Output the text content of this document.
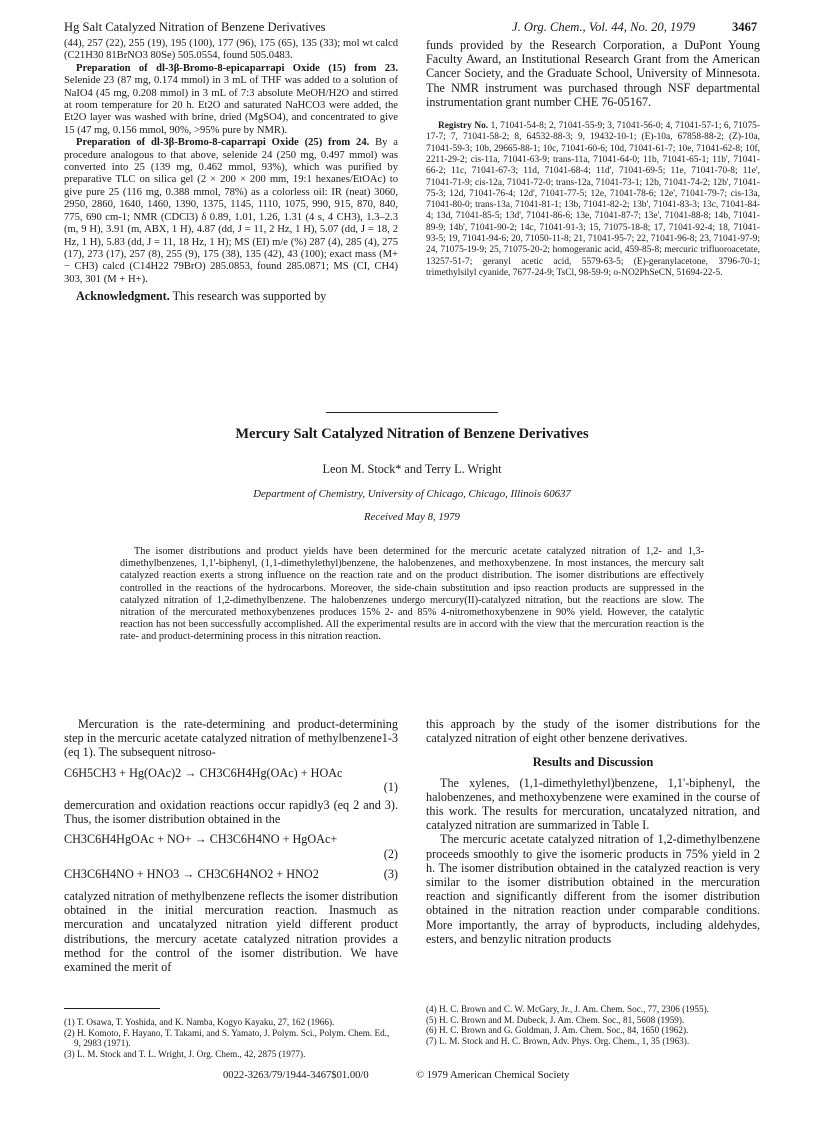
Hg Salt Catalyzed Nitration of Benzene Derivatives	J. Org. Chem., Vol. 44, No. 20, 1979	3467

(44), 257 (22), 255 (19), 195 (100), 177 (96), 175 (65), 135 (33); mol wt calcd (C21H30 81BrNO3 80Se) 505.0554, found 505.0483.

Preparation of dl-3β-Bromo-8-epicaparrapi Oxide (15) from 23. Selenide 23 (87 mg, 0.174 mmol) in 3 mL of THF was added to a solution of NaIO4 (45 mg, 0.208 mmol) in 3 mL of 7:3 absolute MeOH/H2O and stirred at room temperature for 20 h. Et2O and saturated NaHCO3 were added, the Et2O layer was washed with brine, dried (MgSO4), and concentrated to give 15 (47 mg, 0.156 mmol, 90%, >95% pure by NMR).

Preparation of dl-3β-Bromo-8-caparrapi Oxide (25) from 24. By a procedure analogous to that above, selenide 24 (250 mg, 0.497 mmol) was converted into 25 (139 mg, 0.462 mmol, 93%), which was purified by preparative TLC on silica gel (2 × 200 × 200 mm, 19:1 hexanes/EtOAc) to give pure 25 (116 mg, 0.388 mmol, 78%) as a colorless oil: IR (neat) 3060, 2950, 2860, 1640, 1460, 1390, 1375, 1145, 1110, 1075, 990, 915, 870, 840, 775, 690 cm-1; NMR (CDCl3) δ 0.89, 1.01, 1.26, 1.31 (4 s, 4 CH3), 1.3–2.3 (m, 9 H), 3.91 (m, ABX, 1 H), 4.87 (dd, J = 11, 2 Hz, 1 H), 5.07 (dd, J = 18, 2 Hz, 1 H), 5.83 (dd, J = 11, 18 Hz, 1 H); MS (EI) m/e (%) 287 (4), 285 (4), 275 (17), 273 (17), 257 (8), 255 (9), 175 (38), 135 (42), 43 (100); exact mass (M+ − CH3) calcd (C14H22 79BrO) 285.0853, found 285.0871; MS (CI, CH4) 303, 301 (M + H+).

Acknowledgment. This research was supported by

funds provided by the Research Corporation, a DuPont Young Faculty Award, an Institutional Research Grant from the American Cancer Society, and the Graduate School, University of Minnesota. The NMR instrument was purchased through NSF departmental instrumentation grant number CHE 76-05167.
Registry No. 1, 71041-54-8; 2, 71041-55-9; 3, 71041-56-0; 4, 71041-57-1; 6, 71075-17-7; 7, 71041-58-2; 8, 64532-88-3; 9, 19432-10-1; (E)-10a, 67858-88-2; (Z)-10a, 71041-59-3; 10b, 29665-88-1; 10c, 71041-60-6; 10d, 71041-61-7; 10e, 71041-62-8; 10f, 2211-29-2; cis-11a, 71041-63-9; trans-11a, 71041-64-0; 11b, 71041-65-1; 11b', 71041-66-2; 11c, 71041-67-3; 11d, 71041-68-4; 11d', 71041-69-5; 11e, 71041-70-8; 11e', 71041-71-9; cis-12a, 71041-72-0; trans-12a, 71041-73-1; 12b, 71041-74-2; 12b', 71041-75-3; 12d, 71041-76-4; 12d', 71041-77-5; 12e, 71041-78-6; 12e', 71041-79-7; cis-13a, 71041-80-0; trans-13a, 71041-81-1; 13b, 71041-82-2; 13b', 71041-83-3; 13c, 71041-84-4; 13d, 71041-85-5; 13d', 71041-86-6; 13e, 71041-87-7; 13e', 71041-88-8; 14b, 71041-89-9; 14b', 71041-90-2; 14c, 71041-91-3; 15, 71075-18-8; 17, 71041-92-4; 18, 71041-93-5; 19, 71041-94-6; 20, 71050-11-8; 21, 71041-95-7; 22, 71041-96-8; 23, 71041-97-9; 24, 71075-19-9; 25, 71075-20-2; homogeranic acid, 459-85-8; mercuric trifluoroacetate, 13257-51-7; geranyl acetic acid, 5579-63-5; (E)-geranylacetone, 3796-70-1; trimethylsilyl cyanide, 7677-24-9; TsCl, 98-59-9; o-NO2PhSeCN, 51694-22-5.
Mercury Salt Catalyzed Nitration of Benzene Derivatives
Leon M. Stock* and Terry L. Wright
Department of Chemistry, University of Chicago, Chicago, Illinois 60637
Received May 8, 1979
The isomer distributions and product yields have been determined for the mercuric acetate catalyzed nitration of 1,2- and 1,3-dimethylbenzenes, 1,1'-biphenyl, (1,1-dimethylethyl)benzene, the halobenzenes, and methoxybenzene. In most instances, the mercury salt catalyzed reaction exerts a strong influence on the reaction rate and on the product distribution. The isomer distributions are effectively controlled in the reactions of the hydrocarbons. Moreover, the side-chain substitution and ipso reaction products are suppressed in the catalyzed nitration of 1,2-dimethylbenzene. The halobenzenes undergo mercury(II)-catalyzed nitration, but the reactions are slow. The nitration of the mercurated methoxybenzenes produces 15% 2- and 85% 4-nitromethoxybenzene in 90% yield. However, the catalytic reaction has not been successfully accomplished. All the experimental results are in accord with the view that the mercuration reaction is the rate- and product-determining process in this nitration reaction.

Mercuration is the rate-determining and product-determining step in the mercuric acetate catalyzed nitration of methylbenzene1-3 (eq 1). The subsequent nitroso-

C6H5CH3 + Hg(OAc)2 → CH3C6H4Hg(OAc) + HOAc
(1)

demercuration and oxidation reactions occur rapidly3 (eq 2 and 3). Thus, the isomer distribution obtained in the

CH3C6H4HgOAc + NO+ → CH3C6H4NO + HgOAc+
(2)
CH3C6H4NO + HNO3 → CH3C6H4NO2 + HNO2	(3)

catalyzed nitration of methylbenzene reflects the isomer distribution obtained in the initial mercuration reaction. Inasmuch as mercuration and uncatalyzed nitration yield different product distributions, the mercury acetate catalyzed nitration provides a method for the control of the isomer distribution. We have examined the merit of

this approach by the study of the isomer distributions for the catalyzed nitration of eight other benzene derivatives.

Results and Discussion

The xylenes, (1,1-dimethylethyl)benzene, 1,1'-biphenyl, the halobenzenes, and methoxybenzene were examined in the course of this work. The results for mercuration, uncatalyzed nitration, and catalyzed nitration are summarized in Table I.

The mercuric acetate catalyzed nitration of 1,2-dimethylbenzene proceeds smoothly to give the isomeric products in 75% yield in 2 h. The isomer distribution obtained in the catalyzed reaction is very similar to the isomer distribution obtained in the mercuration reaction and significantly different from the isomer distribution obtained in the nitration reaction under comparable conditions. More importantly, the array of byproducts, including aldehydes, esters, and benzylic nitration products

(1) T. Osawa, T. Yoshida, and K. Namba, Kogyo Kayaku, 27, 162 (1966).
(2) H. Komoto, F. Hayano, T. Takami, and S. Yamato, J. Polym. Sci., Polym. Chem. Ed., 9, 2983 (1971).
(3) L. M. Stock and T. L. Wright, J. Org. Chem., 42, 2875 (1977).
(4) H. C. Brown and C. W. McGary, Jr., J. Am. Chem. Soc., 77, 2306 (1955).
(5) H. C. Brown and M. Dubeck, J. Am. Chem. Soc., 81, 5608 (1959).
(6) H. C. Brown and G. Goldman, J. Am. Chem. Soc., 84, 1650 (1962).
(7) L. M. Stock and H. C. Brown, Adv. Phys. Org. Chem., 1, 35 (1963).
0022-3263/79/1944-3467$01.00/0	© 1979 American Chemical Society
